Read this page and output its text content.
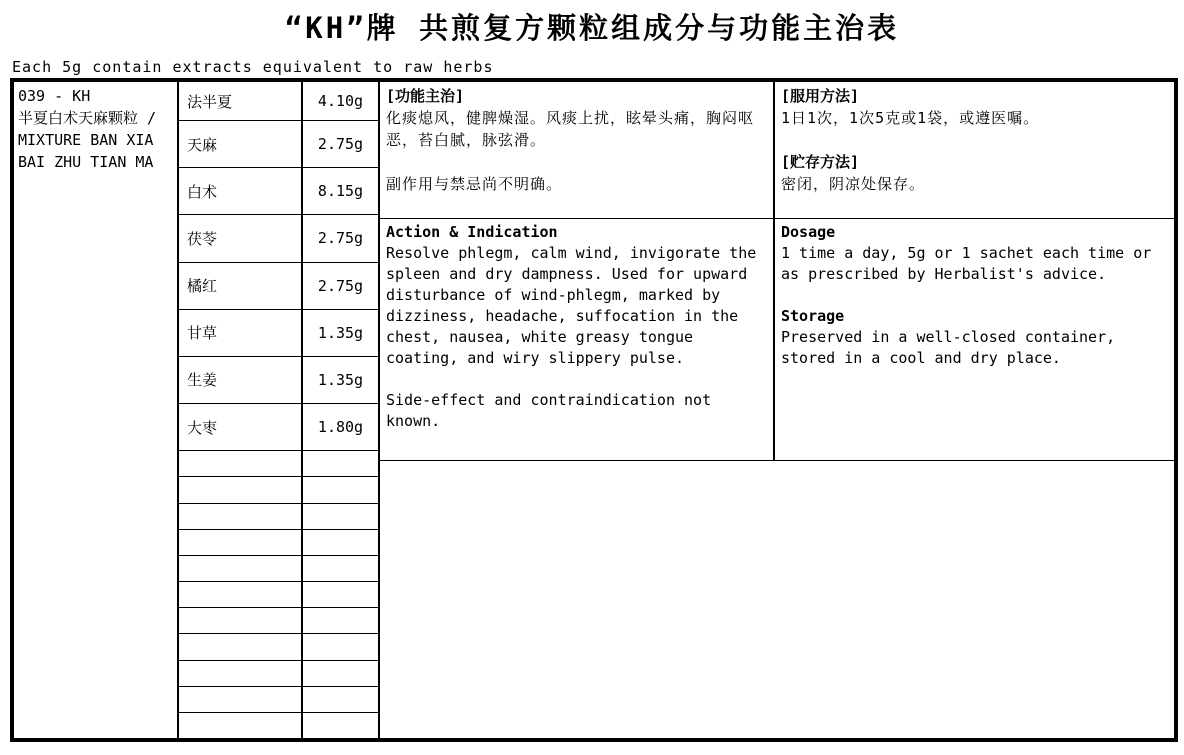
“KH”牌 共煎复方颗粒组成分与功能主治表
Each 5g contain extracts equivalent to raw herbs
039 - KH
半夏白术天麻颗粒 /
MIXTURE BAN XIA BAI ZHU TIAN MA
法半夏	4.10g
天麻	2.75g
白术	8.15g
茯苓	2.75g
橘红	2.75g
甘草	1.35g
生姜	1.35g
大枣	1.80g
[功能主治]
化痰熄风，健脾燥湿。风痰上扰，眩晕头痛，胸闷呕恶，苔白腻，脉弦滑。
副作用与禁忌尚不明确。
[服用方法]
1日1次，1次5克或1袋，或遵医嘱。
[贮存方法]
密闭，阴凉处保存。
Action & Indication
Resolve phlegm, calm wind, invigorate the spleen and dry dampness. Used for upward disturbance of wind-phlegm, marked by dizziness, headache, suffocation in the chest, nausea, white greasy tongue coating, and wiry slippery pulse.
Side-effect and contraindication not known.
Dosage
1 time a day, 5g or 1 sachet each time or as prescribed by Herbalist's advice.
Storage
Preserved in a well-closed container, stored in a cool and dry place.
